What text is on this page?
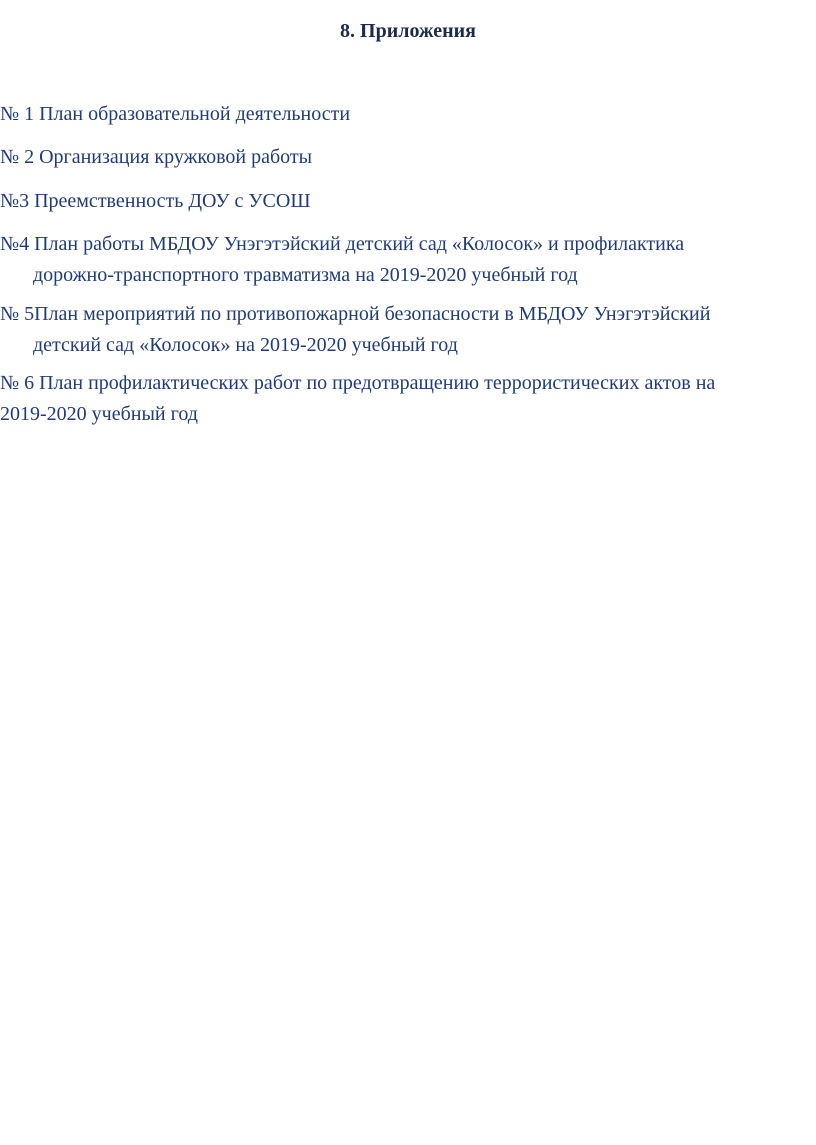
8. Приложения
№ 1 План образовательной деятельности
№ 2 Организация кружковой работы
№3 Преемственность ДОУ с УСОШ
№4 План работы МБДОУ Унэгэтэйский детский сад «Колосок» и профилактика
дорожно-транспортного травматизма на 2019-2020 учебный год
№ 5План мероприятий по противопожарной безопасности в МБДОУ Унэгэтэйский
детский сад «Колосок» на 2019-2020 учебный год
№ 6 План профилактических работ по предотвращению террористических актов на
2019-2020 учебный год
